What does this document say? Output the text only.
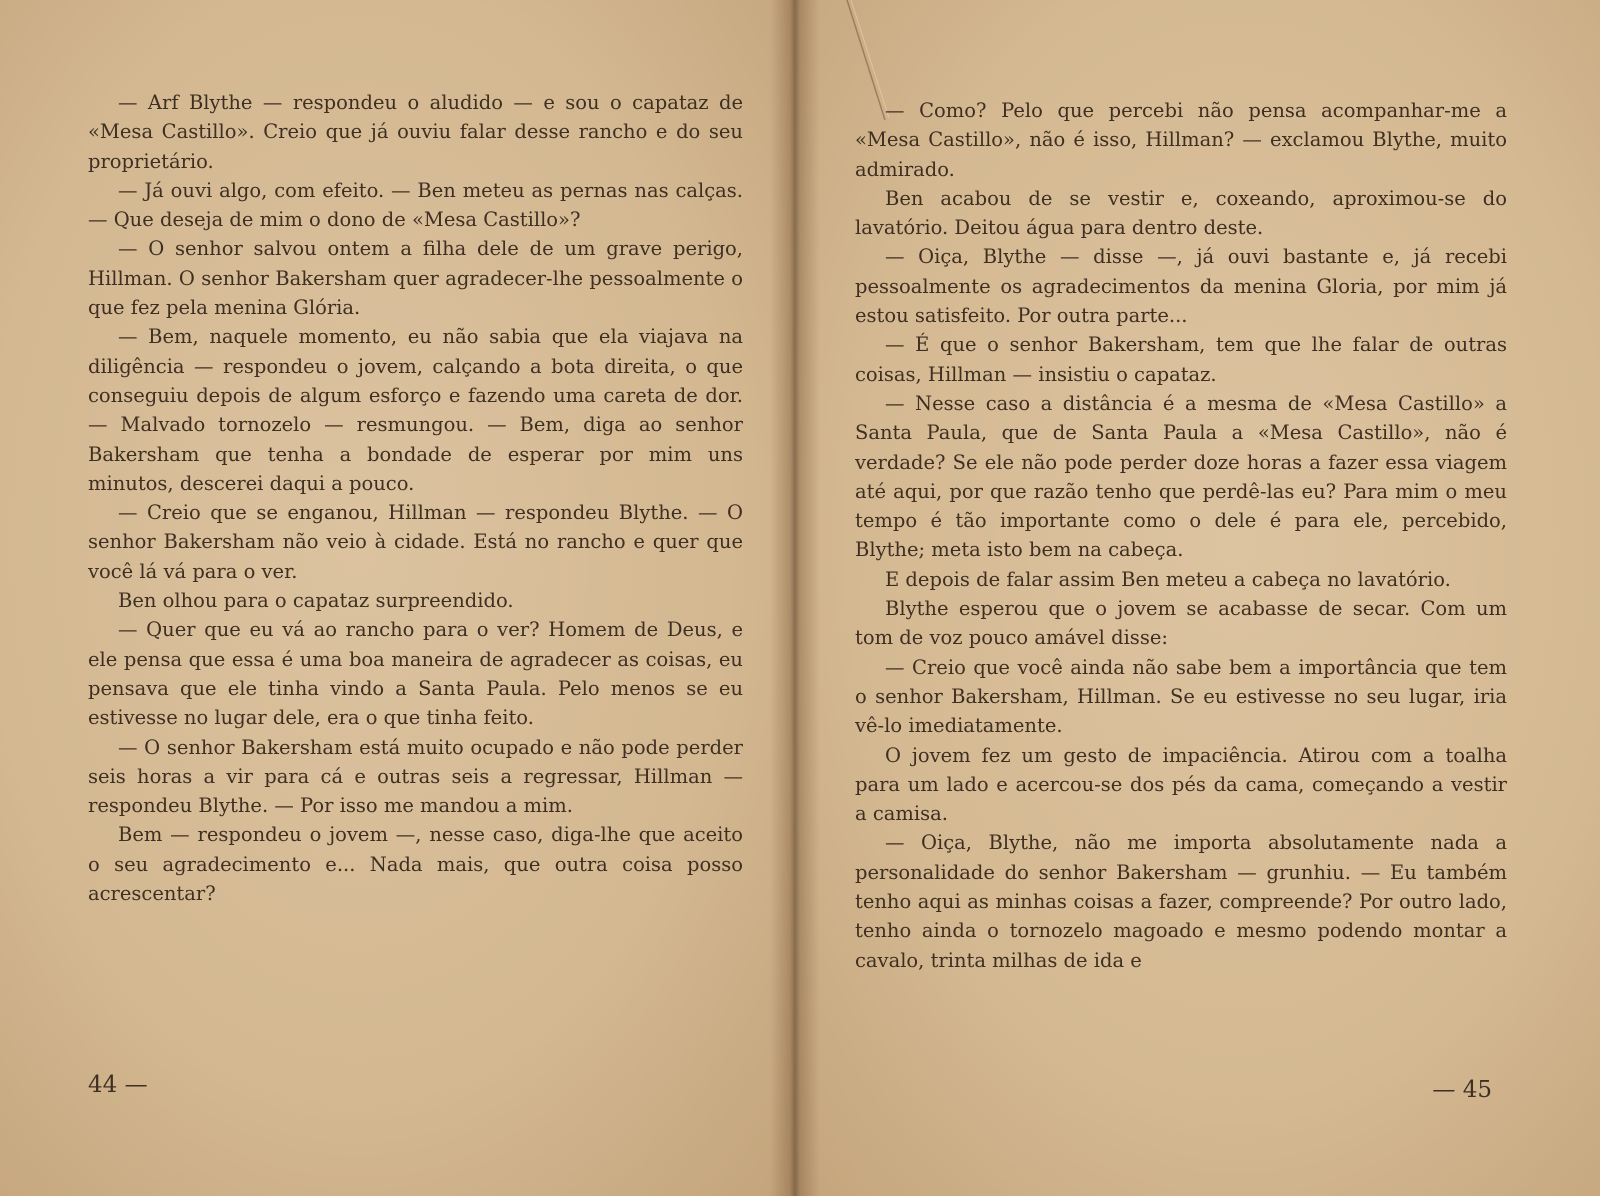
— Arf Blythe — respondeu o aludido — e sou o capataz de «Mesa Castillo». Creio que já ouviu falar desse rancho e do seu proprietário.

— Já ouvi algo, com efeito. — Ben meteu as pernas nas calças. — Que deseja de mim o dono de «Mesa Castillo»?

— O senhor salvou ontem a filha dele de um grave perigo, Hillman. O senhor Bakersham quer agradecer-lhe pessoalmente o que fez pela menina Glória.

— Bem, naquele momento, eu não sabia que ela viajava na diligência — respondeu o jovem, calçando a bota direita, o que conseguiu depois de algum esforço e fazendo uma careta de dor. — Malvado tornozelo — resmungou. — Bem, diga ao senhor Bakersham que tenha a bondade de esperar por mim uns minutos, descerei daqui a pouco.

— Creio que se enganou, Hillman — respondeu Blythe. — O senhor Bakersham não veio à cidade. Está no rancho e quer que você lá vá para o ver.

Ben olhou para o capataz surpreendido.

— Quer que eu vá ao rancho para o ver? Homem de Deus, e ele pensa que essa é uma boa maneira de agradecer as coisas, eu pensava que ele tinha vindo a Santa Paula. Pelo menos se eu estivesse no lugar dele, era o que tinha feito.

— O senhor Bakersham está muito ocupado e não pode perder seis horas a vir para cá e outras seis a regressar, Hillman — respondeu Blythe. — Por isso me mandou a mim.

Bem — respondeu o jovem —, nesse caso, diga-lhe que aceito o seu agradecimento e... Nada mais, que outra coisa posso acrescentar?

44 —

— Como? Pelo que percebi não pensa acompanhar-me a «Mesa Castillo», não é isso, Hillman? — exclamou Blythe, muito admirado.

Ben acabou de se vestir e, coxeando, aproximou-se do lavatório. Deitou água para dentro deste.

— Oiça, Blythe — disse —, já ouvi bastante e, já recebi pessoalmente os agradecimentos da menina Gloria, por mim já estou satisfeito. Por outra parte...

— É que o senhor Bakersham, tem que lhe falar de outras coisas, Hillman — insistiu o capataz.

— Nesse caso a distância é a mesma de «Mesa Castillo» a Santa Paula, que de Santa Paula a «Mesa Castillo», não é verdade? Se ele não pode perder doze horas a fazer essa viagem até aqui, por que razão tenho que perdê-las eu? Para mim o meu tempo é tão importante como o dele é para ele, percebido, Blythe; meta isto bem na cabeça.

E depois de falar assim Ben meteu a cabeça no lavatório.

Blythe esperou que o jovem se acabasse de secar. Com um tom de voz pouco amável disse:

— Creio que você ainda não sabe bem a importância que tem o senhor Bakersham, Hillman. Se eu estivesse no seu lugar, iria vê-lo imediatamente.

O jovem fez um gesto de impaciência. Atirou com a toalha para um lado e acercou-se dos pés da cama, começando a vestir a camisa.

— Oiça, Blythe, não me importa absolutamente nada a personalidade do senhor Bakersham — grunhiu. — Eu também tenho aqui as minhas coisas a fazer, compreende? Por outro lado, tenho ainda o tornozelo magoado e mesmo podendo montar a cavalo, trinta milhas de ida e

— 45
